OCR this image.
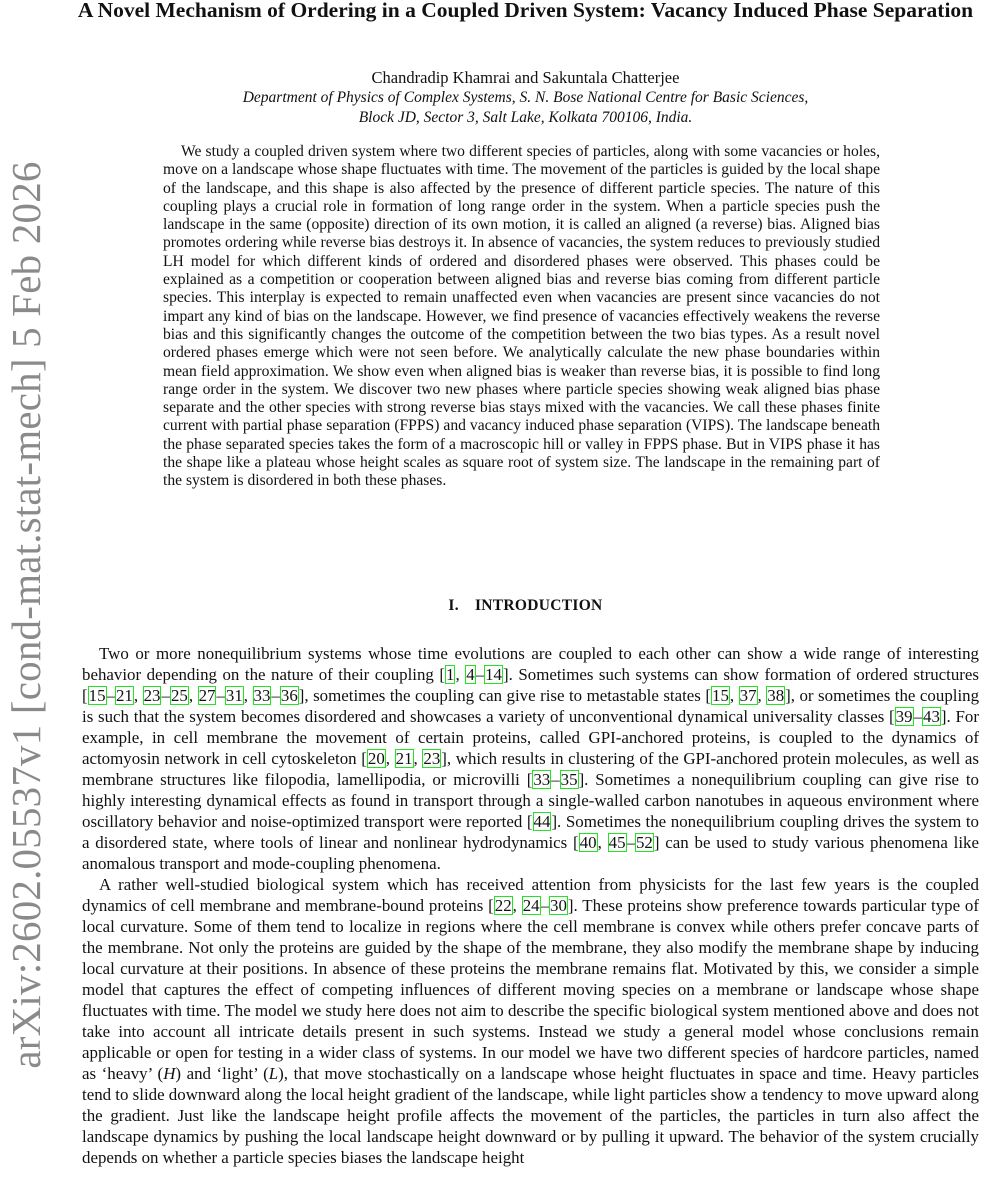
arXiv:2602.05537v1 [cond-mat.stat-mech] 5 Feb 2026
A Novel Mechanism of Ordering in a Coupled Driven System: Vacancy Induced Phase Separation
Chandradip Khamrai and Sakuntala Chatterjee
Department of Physics of Complex Systems, S. N. Bose National Centre for Basic Sciences,
Block JD, Sector 3, Salt Lake, Kolkata 700106, India.

We study a coupled driven system where two different species of particles, along with some vacancies or holes, move on a landscape whose shape fluctuates with time. The movement of the particles is guided by the local shape of the landscape, and this shape is also affected by the presence of different particle species. The nature of this coupling plays a crucial role in formation of long range order in the system. When a particle species push the landscape in the same (opposite) direction of its own motion, it is called an aligned (a reverse) bias. Aligned bias promotes ordering while reverse bias destroys it. In absence of vacancies, the system reduces to previously studied LH model for which different kinds of ordered and disordered phases were observed. This phases could be explained as a competition or cooperation between aligned bias and reverse bias coming from different particle species. This interplay is expected to remain unaffected even when vacancies are present since vacancies do not impart any kind of bias on the landscape. However, we find presence of vacancies effectively weakens the reverse bias and this significantly changes the outcome of the competition between the two bias types. As a result novel ordered phases emerge which were not seen before. We analytically calculate the new phase boundaries within mean field approximation. We show even when aligned bias is weaker than reverse bias, it is possible to find long range order in the system. We discover two new phases where particle species showing weak aligned bias phase separate and the other species with strong reverse bias stays mixed with the vacancies. We call these phases finite current with partial phase separation (FPPS) and vacancy induced phase separation (VIPS). The landscape beneath the phase separated species takes the form of a macroscopic hill or valley in FPPS phase. But in VIPS phase it has the shape like a plateau whose height scales as square root of system size. The landscape in the remaining part of the system is disordered in both these phases.

I. INTRODUCTION

Two or more nonequilibrium systems whose time evolutions are coupled to each other can show a wide range of interesting behavior depending on the nature of their coupling [1, 4–14]. Sometimes such systems can show formation of ordered structures [15–21, 23–25, 27–31, 33–36], sometimes the coupling can give rise to metastable states [15, 37, 38], or sometimes the coupling is such that the system becomes disordered and showcases a variety of unconventional dynamical universality classes [39–43]. For example, in cell membrane the movement of certain proteins, called GPI-anchored proteins, is coupled to the dynamics of actomyosin network in cell cytoskeleton [20, 21, 23], which results in clustering of the GPI-anchored protein molecules, as well as membrane structures like filopodia, lamellipodia, or microvilli [33–35]. Sometimes a nonequilibrium coupling can give rise to highly interesting dynamical effects as found in transport through a single-walled carbon nanotubes in aqueous environment where oscillatory behavior and noise-optimized transport were reported [44]. Sometimes the nonequilibrium coupling drives the system to a disordered state, where tools of linear and nonlinear hydrodynamics [40, 45–52] can be used to study various phenomena like anomalous transport and mode-coupling phenomena.

A rather well-studied biological system which has received attention from physicists for the last few years is the coupled dynamics of cell membrane and membrane-bound proteins [22, 24–30]. These proteins show preference towards particular type of local curvature. Some of them tend to localize in regions where the cell membrane is convex while others prefer concave parts of the membrane. Not only the proteins are guided by the shape of the membrane, they also modify the membrane shape by inducing local curvature at their positions. In absence of these proteins the membrane remains flat. Motivated by this, we consider a simple model that captures the effect of competing influences of different moving species on a membrane or landscape whose shape fluctuates with time. The model we study here does not aim to describe the specific biological system mentioned above and does not take into account all intricate details present in such systems. Instead we study a general model whose conclusions remain applicable or open for testing in a wider class of systems. In our model we have two different species of hardcore particles, named as ‘heavy’ (H) and ‘light’ (L), that move stochastically on a landscape whose height fluctuates in space and time. Heavy particles tend to slide downward along the local height gradient of the landscape, while light particles show a tendency to move upward along the gradient. Just like the landscape height profile affects the movement of the particles, the particles in turn also affect the landscape dynamics by pushing the local landscape height downward or by pulling it upward. The behavior of the system crucially depends on whether a particle species biases the landscape height
